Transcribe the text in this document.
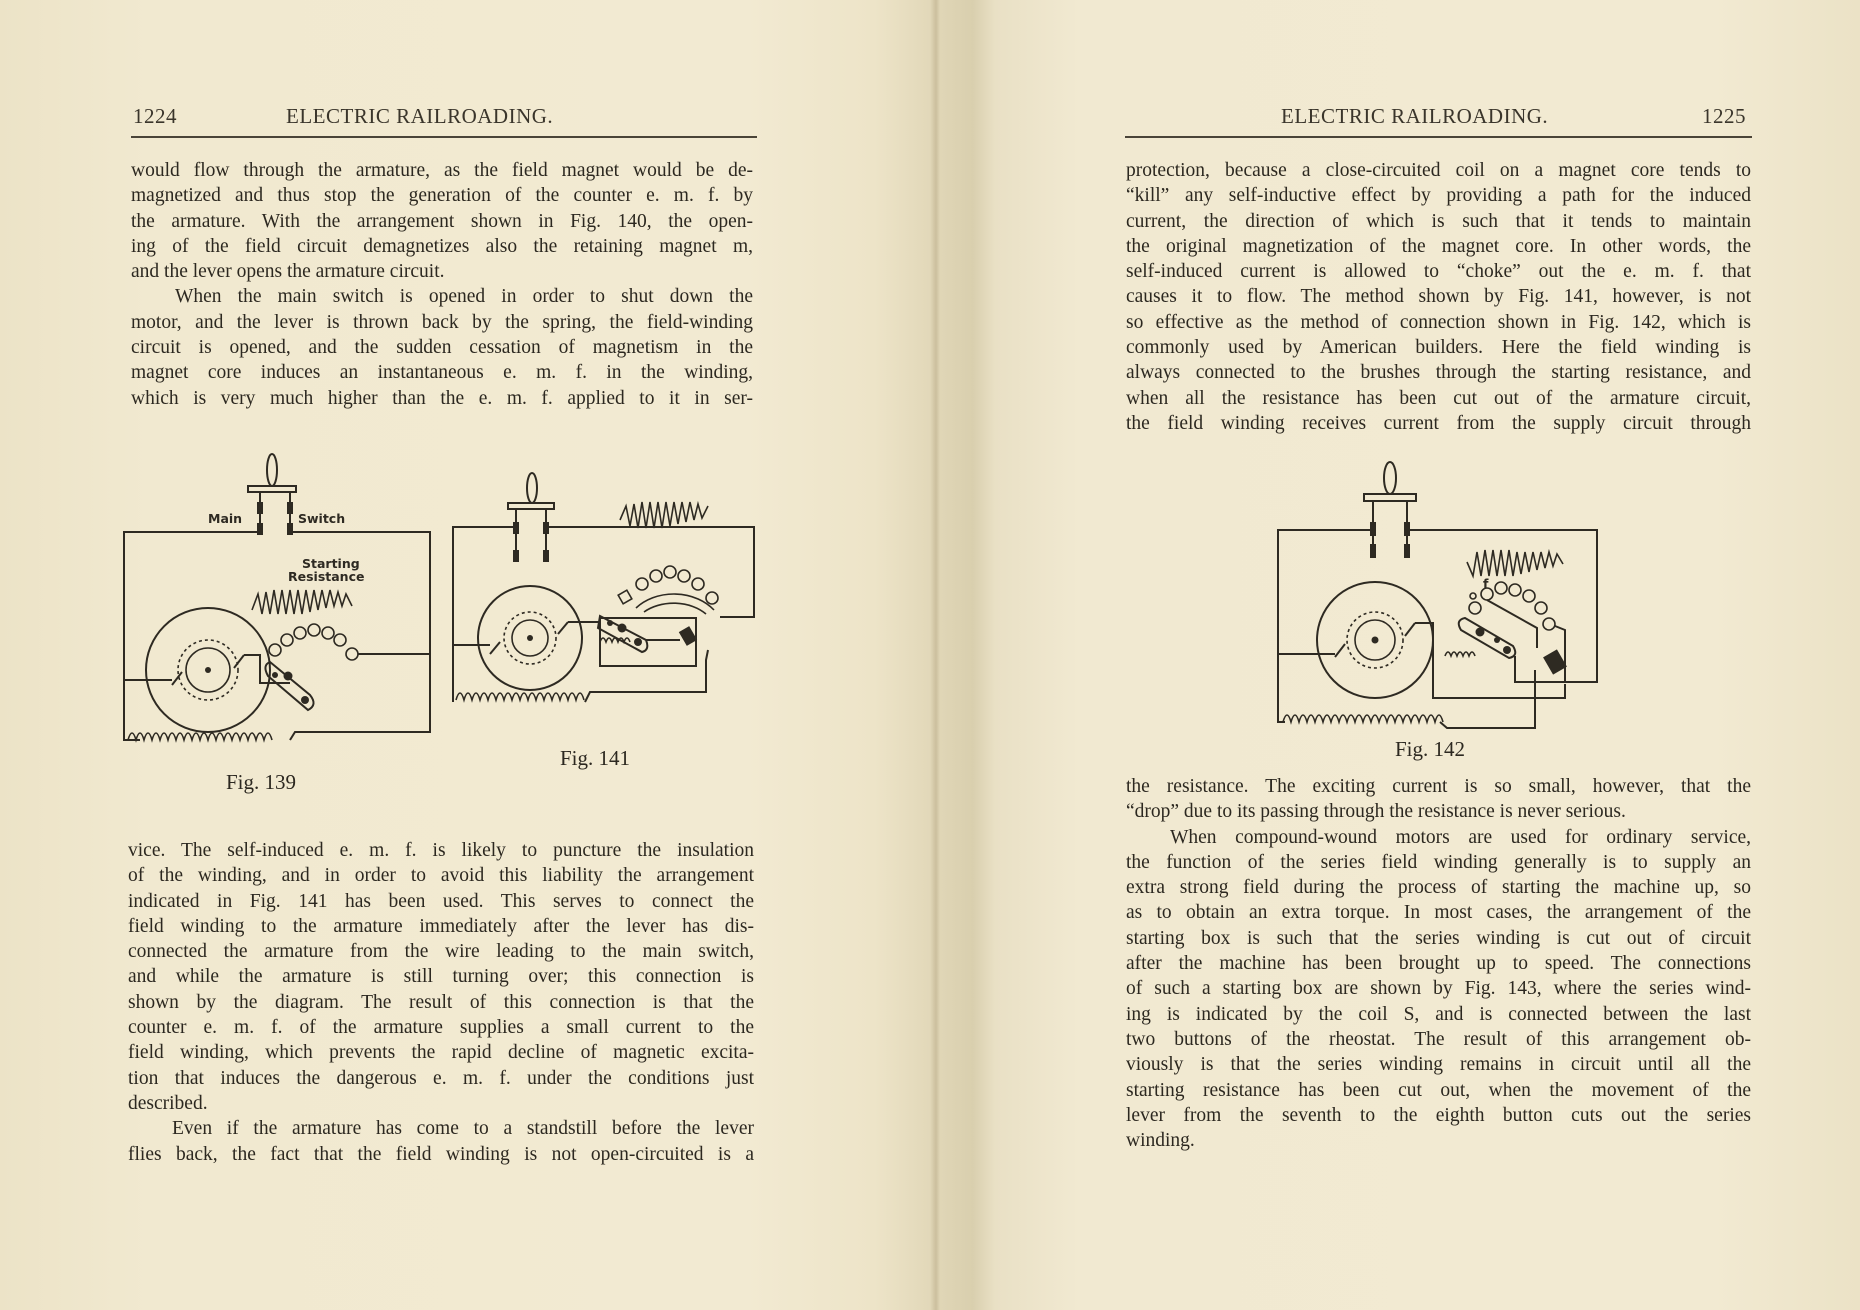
1224	ELECTRIC RAILROADING.
would flow through the armature, as the field magnet would be de-
magnetized and thus stop the generation of the counter e. m. f. by
the armature. With the arrangement shown in Fig. 140, the open-
ing of the field circuit demagnetizes also the retaining magnet m,
and the lever opens the armature circuit.
When the main switch is opened in order to shut down the
motor, and the lever is thrown back by the spring, the field-winding
circuit is opened, and the sudden cessation of magnetism in the
magnet core induces an instantaneous e. m. f. in the winding,
which is very much higher than the e. m. f. applied to it in ser-
Main	Switch
Starting
Resistance
Fig. 139
Fig. 141
vice. The self-induced e. m. f. is likely to puncture the insulation
of the winding, and in order to avoid this liability the arrangement
indicated in Fig. 141 has been used. This serves to connect the
field winding to the armature immediately after the lever has dis-
connected the armature from the wire leading to the main switch,
and while the armature is still turning over; this connection is
shown by the diagram. The result of this connection is that the
counter e. m. f. of the armature supplies a small current to the
field winding, which prevents the rapid decline of magnetic excita-
tion that induces the dangerous e. m. f. under the conditions just
described.
Even if the armature has come to a standstill before the lever
flies back, the fact that the field winding is not open-circuited is a
ELECTRIC RAILROADING.	1225
protection, because a close-circuited coil on a magnet core tends to
“kill” any self-inductive effect by providing a path for the induced
current, the direction of which is such that it tends to maintain
the original magnetization of the magnet core. In other words, the
self-induced current is allowed to “choke” out the e. m. f. that
causes it to flow. The method shown by Fig. 141, however, is not
so effective as the method of connection shown in Fig. 142, which is
commonly used by American builders. Here the field winding is
always connected to the brushes through the starting resistance, and
when all the resistance has been cut out of the armature circuit,
the field winding receives current from the supply circuit through
f
Fig. 142
the resistance. The exciting current is so small, however, that the
“drop” due to its passing through the resistance is never serious.
When compound-wound motors are used for ordinary service,
the function of the series field winding generally is to supply an
extra strong field during the process of starting the machine up, so
as to obtain an extra torque. In most cases, the arrangement of the
starting box is such that the series winding is cut out of circuit
after the machine has been brought up to speed. The connections
of such a starting box are shown by Fig. 143, where the series wind-
ing is indicated by the coil S, and is connected between the last
two buttons of the rheostat. The result of this arrangement ob-
viously is that the series winding remains in circuit until all the
starting resistance has been cut out, when the movement of the
lever from the seventh to the eighth button cuts out the series
winding.
